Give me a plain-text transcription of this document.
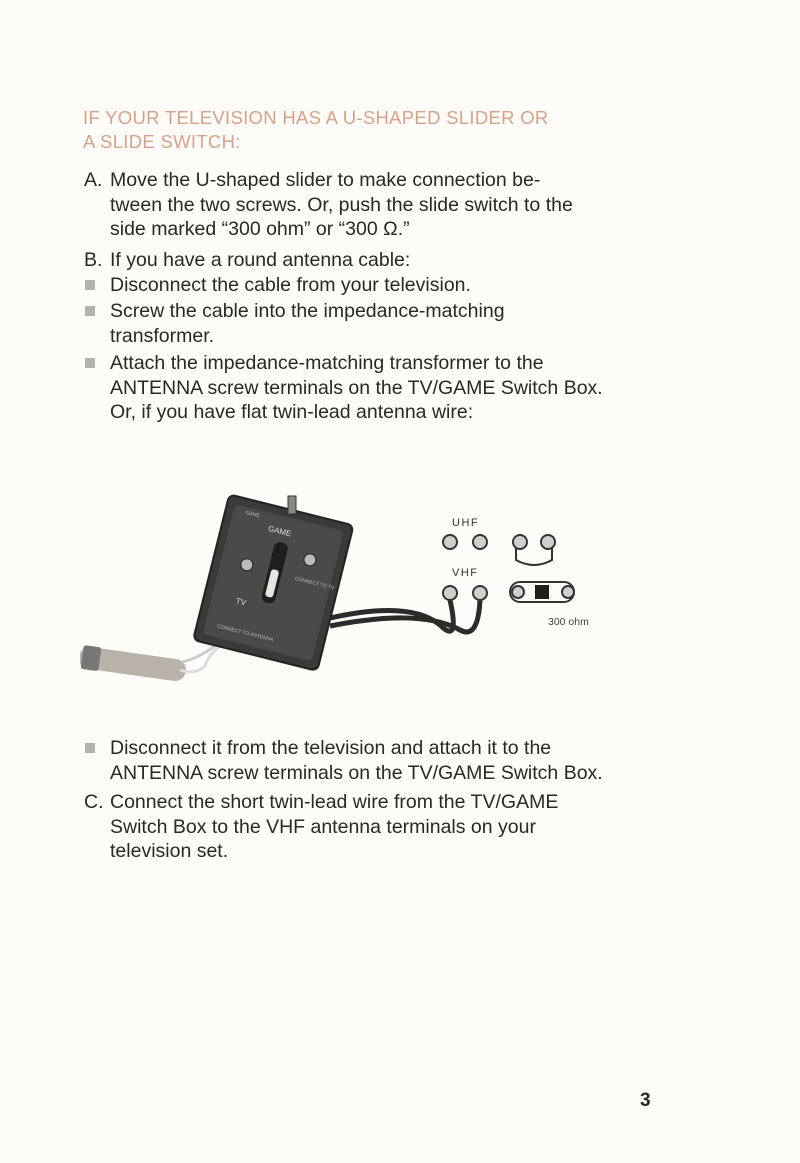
IF YOUR TELEVISION HAS A U-SHAPED SLIDER OR
A SLIDE SWITCH:
A. Move the U-shaped slider to make connection be-
tween the two screws. Or, push the slide switch to the
side marked “300 ohm” or “300 Ω.”
B. If you have a round antenna cable:
Disconnect the cable from your television.
Screw the cable into the impedance-matching
transformer.
Attach the impedance-matching transformer to the
ANTENNA screw terminals on the TV/GAME Switch Box.
Or, if you have flat twin-lead antenna wire:
GAME
TV
GAME
CONNECT TO TV
CONNECT TO ANTENNA
UHF
VHF
300 ohm
Disconnect it from the television and attach it to the
ANTENNA screw terminals on the TV/GAME Switch Box.
C. Connect the short twin-lead wire from the TV/GAME
Switch Box to the VHF antenna terminals on your
television set.
3
